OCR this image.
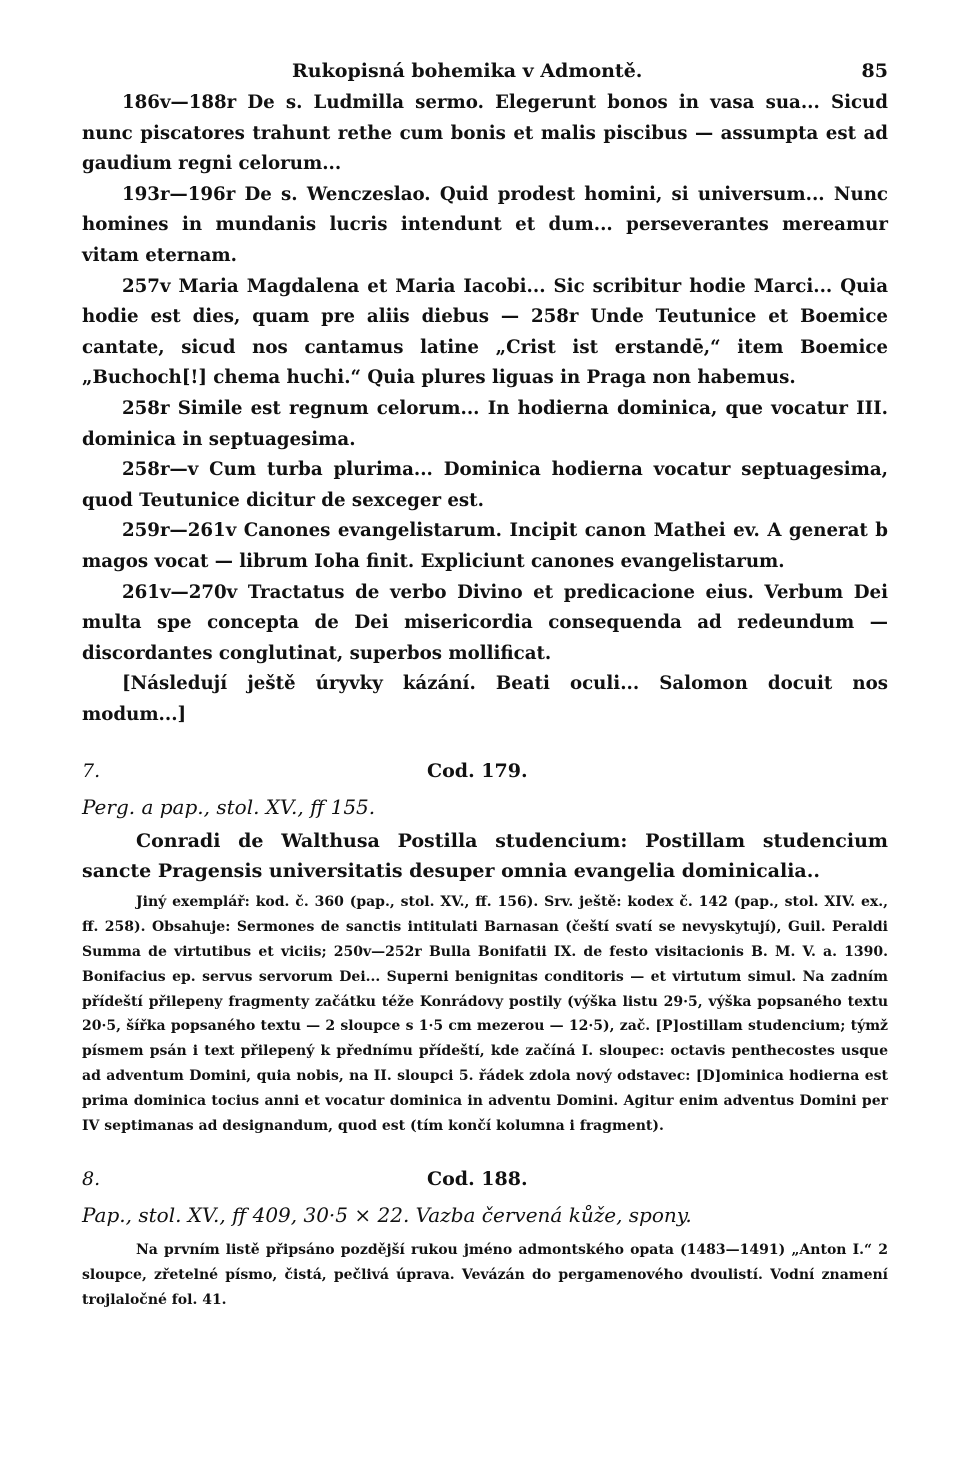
Rukopisná bohemika v Admontě.	85

186v—188r De s. Ludmilla sermo. Elegerunt bonos in vasa sua... Sicud nunc piscatores trahunt rethe cum bonis et malis piscibus — assumpta est ad gaudium regni celorum...

193r—196r De s. Wenczeslao. Quid prodest homini, si universum... Nunc homines in mundanis lucris intendunt et dum... perseverantes mereamur vitam eternam.

257v Maria Magdalena et Maria Iacobi... Sic scribitur hodie Marci... Quia hodie est dies, quam pre aliis diebus — 258r Unde Teutunice et Boemice cantate, sicud nos cantamus latine „Crist ist erstandē,“ item Boemice „Buchoch[!] chema huchi.“ Quia plures liguas in Praga non habemus.

258r Simile est regnum celorum... In hodierna dominica, que vocatur III. dominica in septuagesima.

258r—v Cum turba plurima... Dominica hodierna vocatur septuagesima, quod Teutunice dicitur de sexceger est.

259r—261v Canones evangelistarum. Incipit canon Mathei ev. A generat b magos vocat — librum Ioha finit. Expliciunt canones evangelistarum.

261v—270v Tractatus de verbo Divino et predicacione eius. Verbum Dei multa spe concepta de Dei misericordia consequenda ad redeundum — discordantes conglutinat, superbos mollificat.

[Následují ještě úryvky kázání. Beati oculi... Salomon docuit nos modum...]

7.	Cod. 179.
Perg. a pap., stol. XV., ff 155.

Conradi de Walthusa Postilla studencium: Postillam studencium sancte Pragensis universitatis desuper omnia evangelia dominicalia..

Jiný exemplář: kod. č. 360 (pap., stol. XV., ff. 156). Srv. ještě: kodex č. 142 (pap., stol. XIV. ex., ff. 258). Obsahuje: Sermones de sanctis intitulati Barnasan (čeští svatí se nevyskytují), Guil. Peraldi Summa de virtutibus et viciis; 250v—252r Bulla Bonifatii IX. de festo visitacionis B. M. V. a. 1390. Bonifacius ep. servus servorum Dei... Superni benignitas conditoris — et virtutum simul. Na zadním přídeští přilepeny fragmenty začátku téže Konrádovy postily (výška listu 29·5, výška popsaného textu 20·5, šířka popsaného textu — 2 sloupce s 1·5 cm mezerou — 12·5), zač. [P]ostillam studencium; týmž písmem psán i text přilepený k přednímu přídeští, kde začíná I. sloupec: octavis penthecostes usque ad adventum Domini, quia nobis, na II. sloupci 5. řádek zdola nový odstavec: [D]ominica hodierna est prima dominica tocius anni et vocatur dominica in adventu Domini. Agitur enim adventus Domini per IV septimanas ad designandum, quod est (tím končí kolumna i fragment).

8.	Cod. 188.
Pap., stol. XV., ff 409, 30·5 × 22. Vazba červená kůže, spony.

Na prvním listě připsáno pozdější rukou jméno admontského opata (1483—1491) „Anton I.“ 2 sloupce, zřetelné písmo, čistá, pečlivá úprava. Vevázán do pergamenového dvoulistí. Vodní znamení trojlaločné fol. 41.
